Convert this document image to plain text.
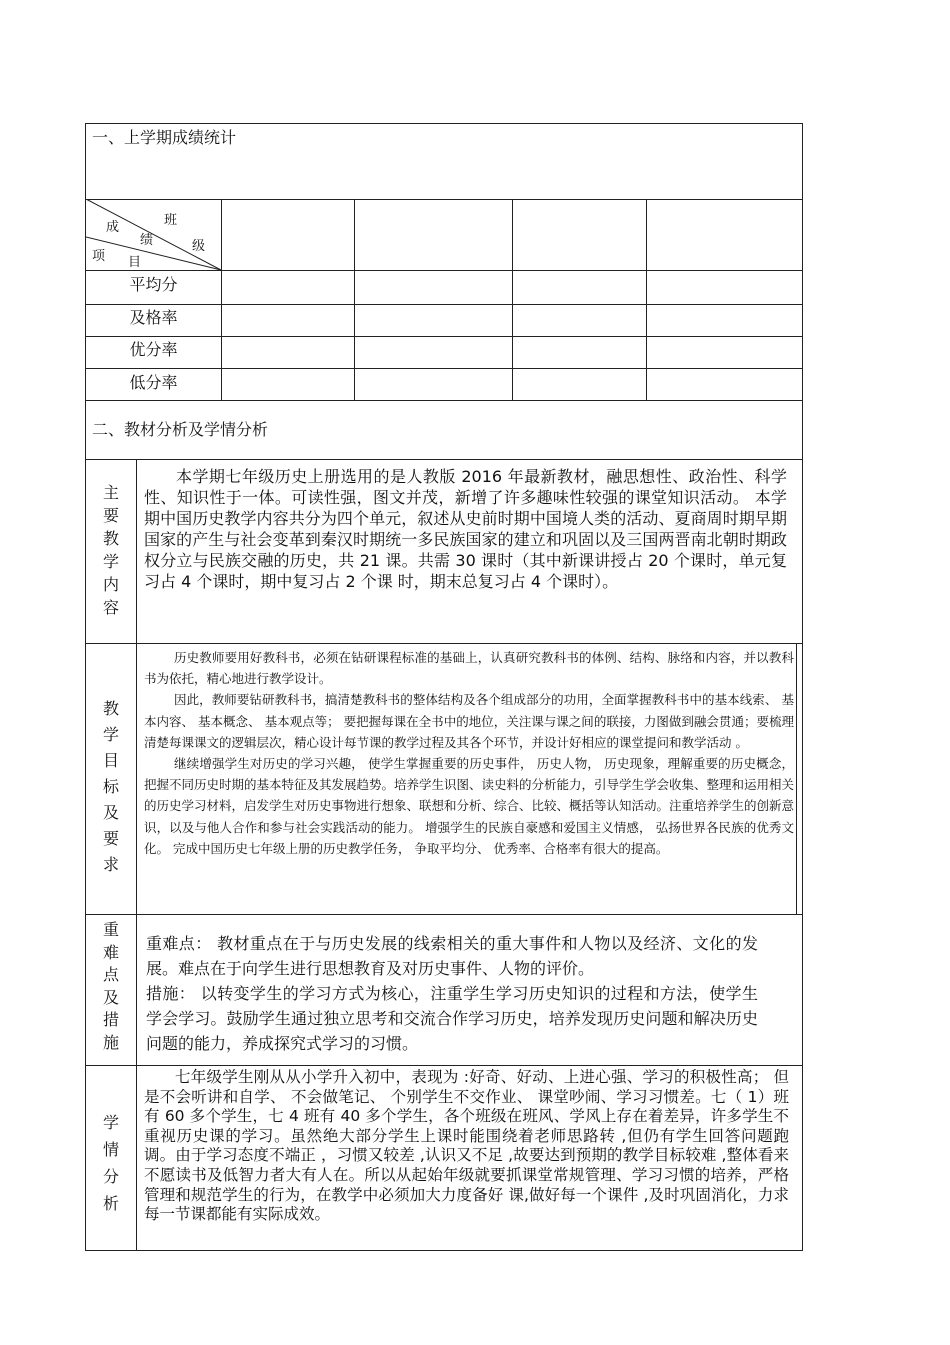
一、上学期成绩统计
成
绩
班
级
项 目
平均分
及格率
优分率
低分率
二、教材分析及学情分析
主
要
教
学
内
容

本学期七年级历史上册选用的是人教版 2016 年最新教材，融思想性、政治性、科学性、知识性于一体。可读性强，图文并茂，新增了许多趣味性较强的课堂知识活动。 本学期中国历史教学内容共分为四个单元，叙述从史前时期中国境人类的活动、夏商周时期早期国家的产生与社会变革到秦汉时期统一多民族国家的建立和巩固以及三国两晋南北朝时期政权分立与民族交融的历史，共 21 课。共需 30 课时（其中新课讲授占 20 个课时，单元复习占 4 个课时，期中复习占 2 个课 时，期末总复习占 4 个课时）。

教
学
目
标
及
要
求

历史教师要用好教科书，必须在钻研课程标准的基础上，认真研究教科书的体例、结构、脉络和内容，并以教科书为依托，精心地进行教学设计。

因此，教师要钻研教科书，搞清楚教科书的整体结构及各个组成部分的功用，全面掌握教科书中的基本线索、 基本内容、 基本概念、 基本观点等； 要把握每课在全书中的地位，关注课与课之间的联接，力图做到融会贯通；要梳理清楚每课课文的逻辑层次，精心设计每节课的教学过程及其各个环节，并设计好相应的课堂提问和教学活动 。

继续增强学生对历史的学习兴趣， 使学生掌握重要的历史事件， 历史人物， 历史现象，理解重要的历史概念，把握不同历史时期的基本特征及其发展趋势。培养学生识图、读史料的分析能力，引导学生学会收集、整理和运用相关的历史学习材料，启发学生对历史事物进行想象、联想和分析、综合、比较、概括等认知活动。注重培养学生的创新意识，以及与他人合作和参与社会实践活动的能力。 增强学生的民族自豪感和爱国主义情感， 弘扬世界各民族的优秀文化。 完成中国历史七年级上册的历史教学任务， 争取平均分、 优秀率、合格率有很大的提高。

重
难
点
及
措
施

重难点： 教材重点在于与历史发展的线索相关的重大事件和人物以及经济、文化的发展。难点在于向学生进行思想教育及对历史事件、人物的评价。

措施： 以转变学生的学习方式为核心，注重学生学习历史知识的过程和方法，使学生学会学习。鼓励学生通过独立思考和交流合作学习历史，培养发现历史问题和解决历史问题的能力，养成探究式学习的习惯。

学
情
分
析

七年级学生刚从从小学升入初中，表现为 :好奇、好动、上进心强、学习的积极性高； 但是不会听讲和自学、 不会做笔记、 个别学生不交作业、 课堂吵闹、学习习惯差。七（ 1）班有 60 多个学生，七 4 班有 40 多个学生，各个班级在班风、学风上存在着差异，许多学生不重视历史课的学习。虽然绝大部分学生上课时能围绕着老师思路转 ,但仍有学生回答问题跑调。由于学习态度不端正 ，习惯又较差 ,认识又不足 ,故要达到预期的教学目标较难 ,整体看来不愿读书及低智力者大有人在。所以从起始年级就要抓课堂常规管理、学习习惯的培养，严格管理和规范学生的行为，在教学中必须加大力度备好 课,做好每一个课件 ,及时巩固消化，力求每一节课都能有实际成效。
